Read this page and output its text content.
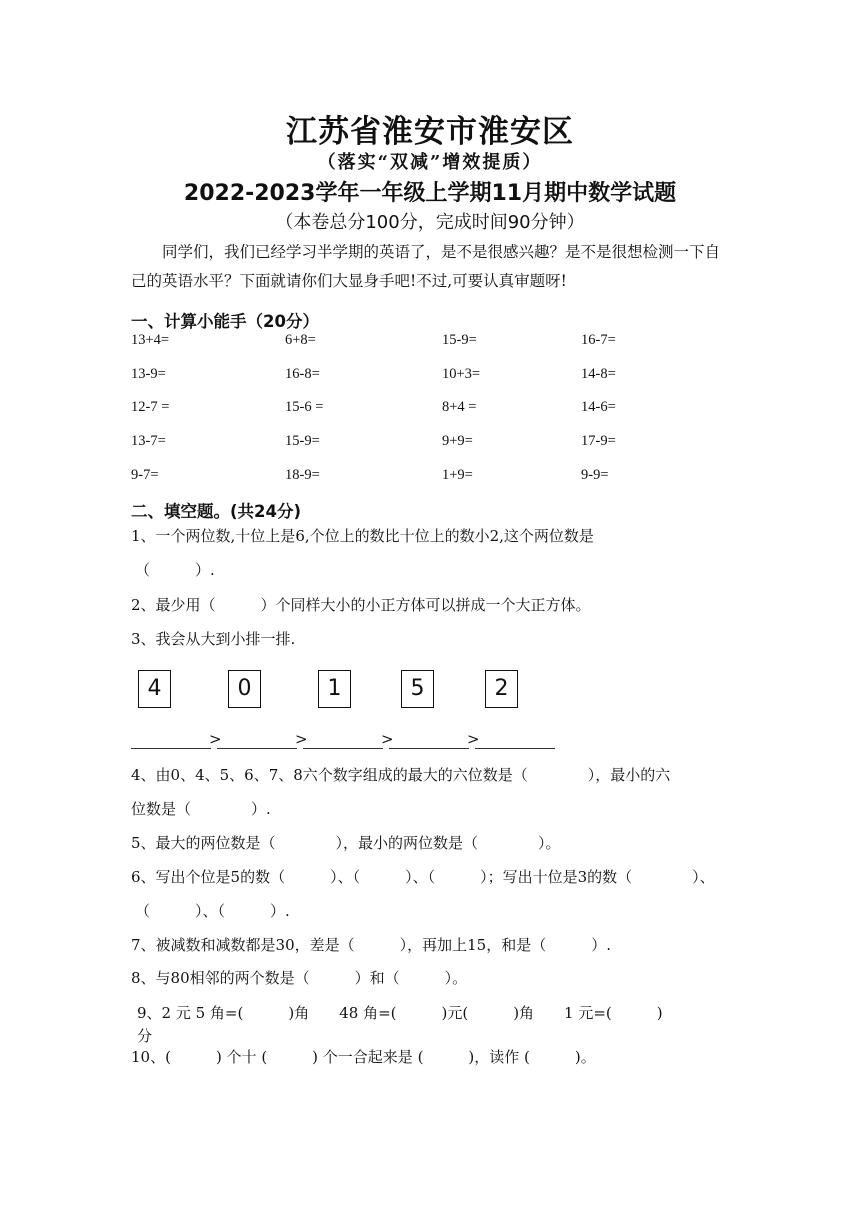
江苏省淮安市淮安区
（落实“双减”增效提质）
2022-2023学年一年级上学期11月期中数学试题
（本卷总分100分，完成时间90分钟）
同学们，我们已经学习半学期的英语了，是不是很感兴趣？是不是很想检测一下自己的英语水平？下面就请你们大显身手吧!不过,可要认真审题呀!
一、计算小能手（20分）
13+4=	6+8=	15-9=	16-7=
13-9=	16-8=	10+3=	14-8=
12-7 =	15-6 =	8+4 =	14-6=
13-7=	15-9=	9+9=	17-9=
9-7=	18-9=	1+9=	9-9=
二、填空题。(共24分)
1、一个两位数,十位上是6,个位上的数比十位上的数小2,这个两位数是
（　　　）.
2、最少用（　　　）个同样大小的小正方体可以拼成一个大正方体。
3、我会从大到小排一排.
4	0	1	5	2
>	>	>	>
4、由0、4、5、6、7、8六个数字组成的最大的六位数是（　　　　），最小的六
位数是（　　　　）.
5、最大的两位数是（　　　　），最小的两位数是（　　　　）。
6、写出个位是5的数（　　　）、（　　　）、（　　　）；写出十位是3的数（　　　　）、
（　　　）、（　　　）.
7、被减数和减数都是30，差是（　　　），再加上15，和是（　　　）.
8、与80相邻的两个数是（　　　）和（　　　）。
9、2 元 5 角=(　　　)角　　48 角=(　　　)元(　　　)角　　1 元=(　　　)
分
10、(　　　) 个十 (　　　) 个一合起来是 (　　　)，读作 (　　　)。
